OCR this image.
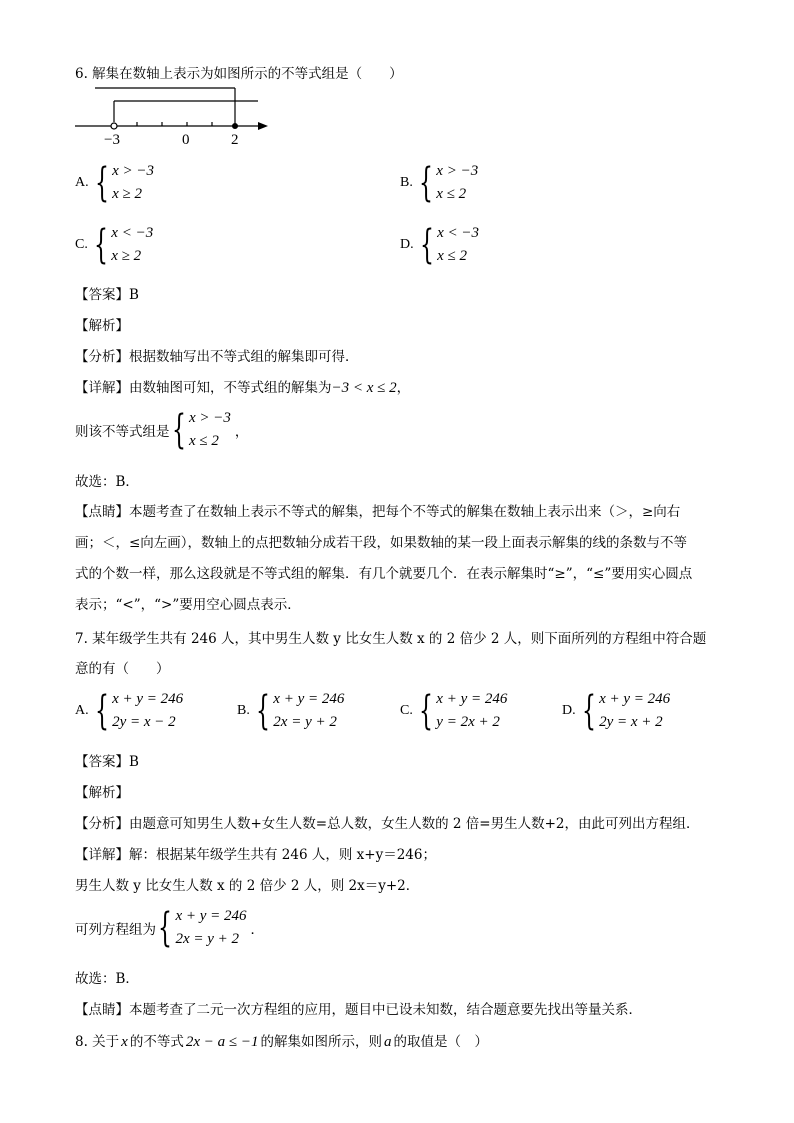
6. 解集在数轴上表示为如图所示的不等式组是（　　）
−3	0	2
A. { x > −3
x ≥ 2
B. { x > −3
x ≤ 2
C. { x < −3
x ≥ 2
D. { x < −3
x ≤ 2
【答案】B
【解析】
【分析】根据数轴写出不等式组的解集即可得．
【详解】由数轴图可知，不等式组的解集为−3 < x ≤ 2，
则该不等式组是 { x > −3
x ≤ 2
，
故选：B．
【点睛】本题考查了在数轴上表示不等式的解集，把每个不等式的解集在数轴上表示出来（＞，≥向右
画；＜，≤向左画），数轴上的点把数轴分成若干段，如果数轴的某一段上面表示解集的线的条数与不等
式的个数一样，那么这段就是不等式组的解集．有几个就要几个．在表示解集时“≥”，“≤”要用实心圆点
表示；“<”，“>”要用空心圆点表示．
7. 某年级学生共有 246 人，其中男生人数 y 比女生人数 x 的 2 倍少 2 人，则下面所列的方程组中符合题
意的有（　　）
A. { x + y = 246
2y = x − 2
B. { x + y = 246
2x = y + 2
C. { x + y = 246
y = 2x + 2
D. { x + y = 246
2y = x + 2
【答案】B
【解析】
【分析】由题意可知男生人数+女生人数=总人数，女生人数的 2 倍=男生人数+2，由此可列出方程组．
【详解】解：根据某年级学生共有 246 人，则 x+y＝246；
男生人数 y 比女生人数 x 的 2 倍少 2 人，则 2x＝y+2．
可列方程组为 { x + y = 246
2x = y + 2
．
故选：B．
【点睛】本题考查了二元一次方程组的应用，题目中已设未知数，结合题意要先找出等量关系．
8. 关于 x 的不等式 2x − a ≤ −1 的解集如图所示，则 a 的取值是（　）
